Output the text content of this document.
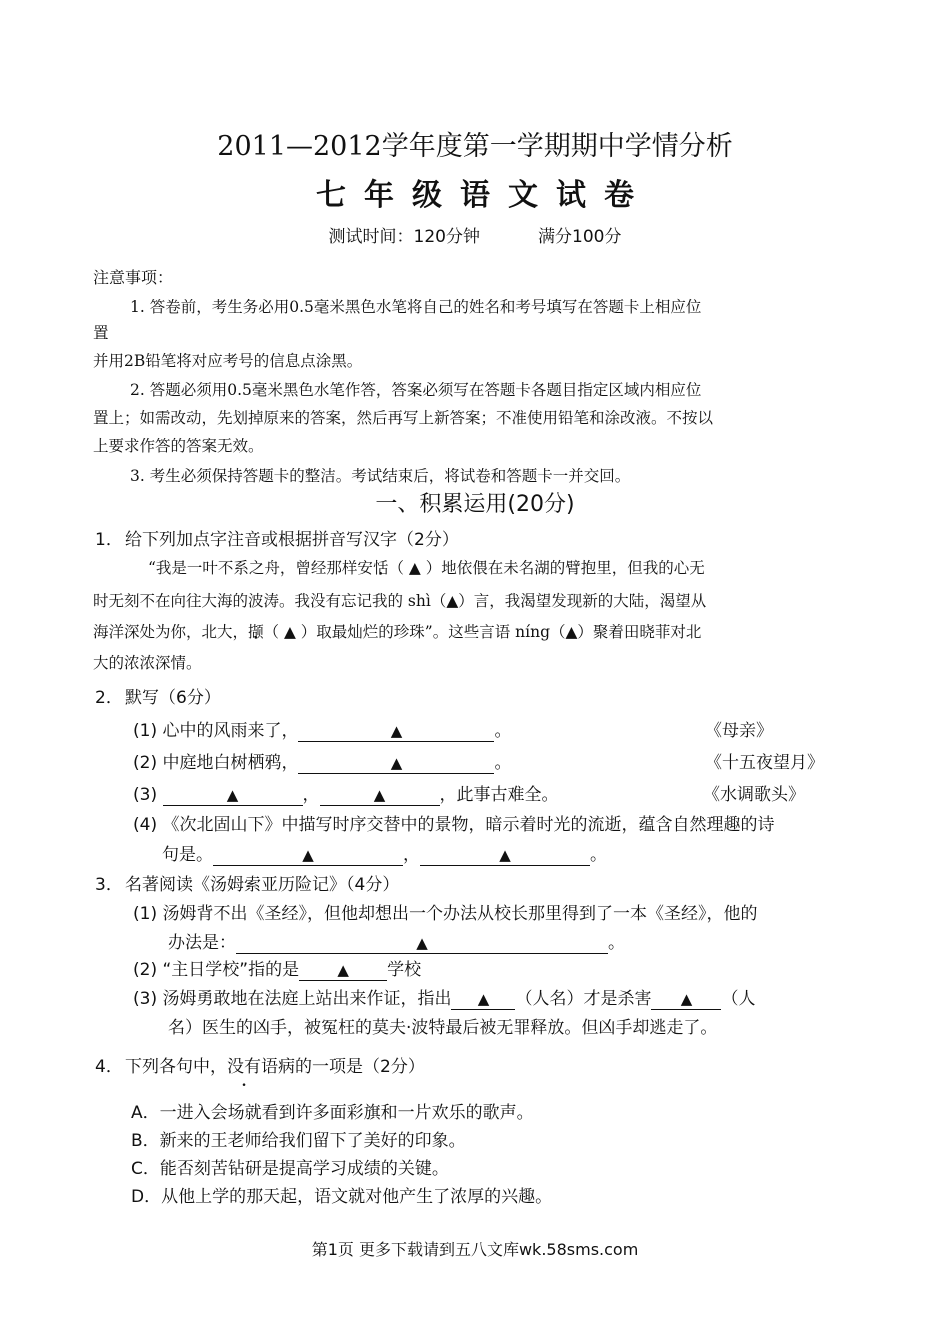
2011—2012学年度第一学期期中学情分析
七年级语文试卷
测试时间：120分钟	满分100分
注意事项：
1. 答卷前，考生务必用0.5毫米黑色水笔将自己的姓名和考号填写在答题卡上相应位
置
并用2B铅笔将对应考号的信息点涂黑。
2. 答题必须用0.5毫米黑色水笔作答，答案必须写在答题卡各题目指定区域内相应位
置上；如需改动，先划掉原来的答案，然后再写上新答案；不准使用铅笔和涂改液。不按以
上要求作答的答案无效。
3. 考生必须保持答题卡的整洁。考试结束后，将试卷和答题卡一并交回。
一、积累运用(20分)
1． 给下列加点字注音或根据拼音写汉字（2分）
“我是一叶不系之舟，曾经那样安恬（ ▲ ）地依偎在未名湖的臂抱里，但我的心无
时无刻不在向往大海的波涛。我没有忘记我的 shì（▲）言，我渴望发现新的大陆，渴望从
海洋深处为你，北大，撷（ ▲ ）取最灿烂的珍珠”。这些言语 níng（▲）聚着田晓菲对北
大的浓浓深情。
2． 默写（6分）
(1) 心中的风雨来了，	▲	。	《母亲》
(2) 中庭地白树栖鸦，	▲	。	《十五夜望月》
(3)	▲	，	▲	，此事古难全。	《水调歌头》
(4) 《次北固山下》中描写时序交替中的景物，暗示着时光的流逝，蕴含自然理趣的诗
句是。	▲	，	▲	。
3． 名著阅读《汤姆索亚历险记》（4分）
(1) 汤姆背不出《圣经》，但他却想出一个办法从校长那里得到了一本《圣经》，他的
办法是：	▲	。
(2) “主日学校”指的是	▲ 学校
(3) 汤姆勇敢地在法庭上站出来作证，指出 ▲ （人名）才是杀害 ▲ （人
名）医生的凶手，被冤枉的莫夫·波特最后被无罪释放。但凶手却逃走了。
4． 下列各句中，没有语病的一项是（2分）
A．一进入会场就看到许多面彩旗和一片欢乐的歌声。
B．新来的王老师给我们留下了美好的印象。
C．能否刻苦钻研是提高学习成绩的关键。
D．从他上学的那天起，语文就对他产生了浓厚的兴趣。
第1页 更多下载请到五八文库wk.58sms.com
